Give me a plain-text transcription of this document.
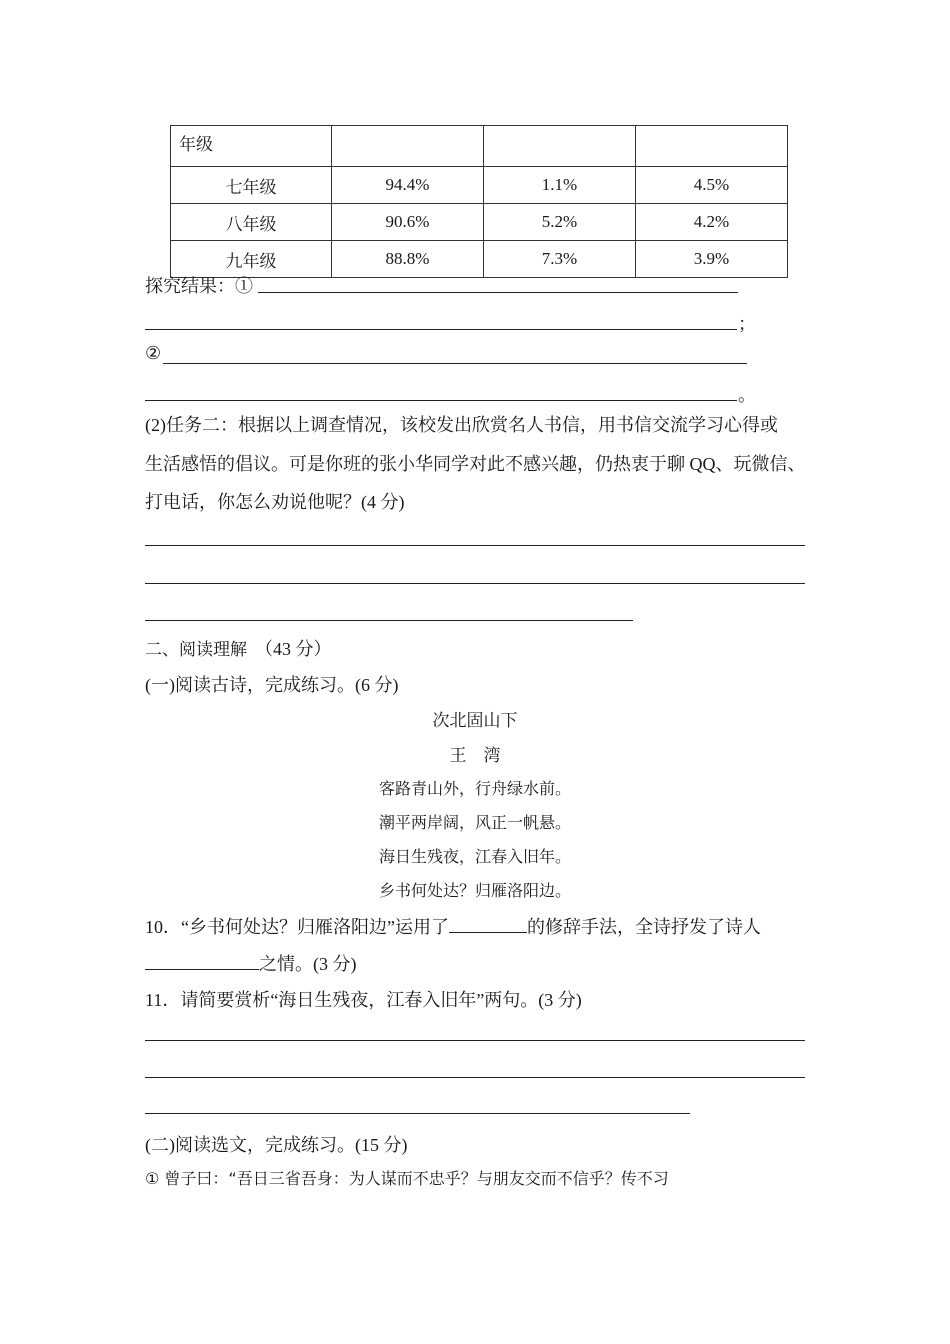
年级			
七年级	94.4%	1.1%	4.5%
八年级	90.6%	5.2%	4.2%
九年级	88.8%	7.3%	3.9%
探究结果：①
；
②
。
(2)任务二：根据以上调查情况，该校发出欣赏名人书信，用书信交流学习心得或
生活感悟的倡议。可是你班的张小华同学对此不感兴趣，仍热衷于聊 QQ、玩微信、
打电话，你怎么劝说他呢？(4 分)
二、阅读理解 （43 分）
(一)阅读古诗，完成练习。(6 分)
次北固山下
王　湾
客路青山外，行舟绿水前。
潮平两岸阔，风正一帆悬。
海日生残夜，江春入旧年。
乡书何处达？归雁洛阳边。
10．“乡书何处达？归雁洛阳边”运用了	的修辞手法，全诗抒发了诗人
之情。(3 分)
11．请简要赏析“海日生残夜，江春入旧年”两句。(3 分)
(二)阅读选文，完成练习。(15 分)
① 曾子曰：“吾日三省吾身：为人谋而不忠乎？与朋友交而不信乎？传不习
